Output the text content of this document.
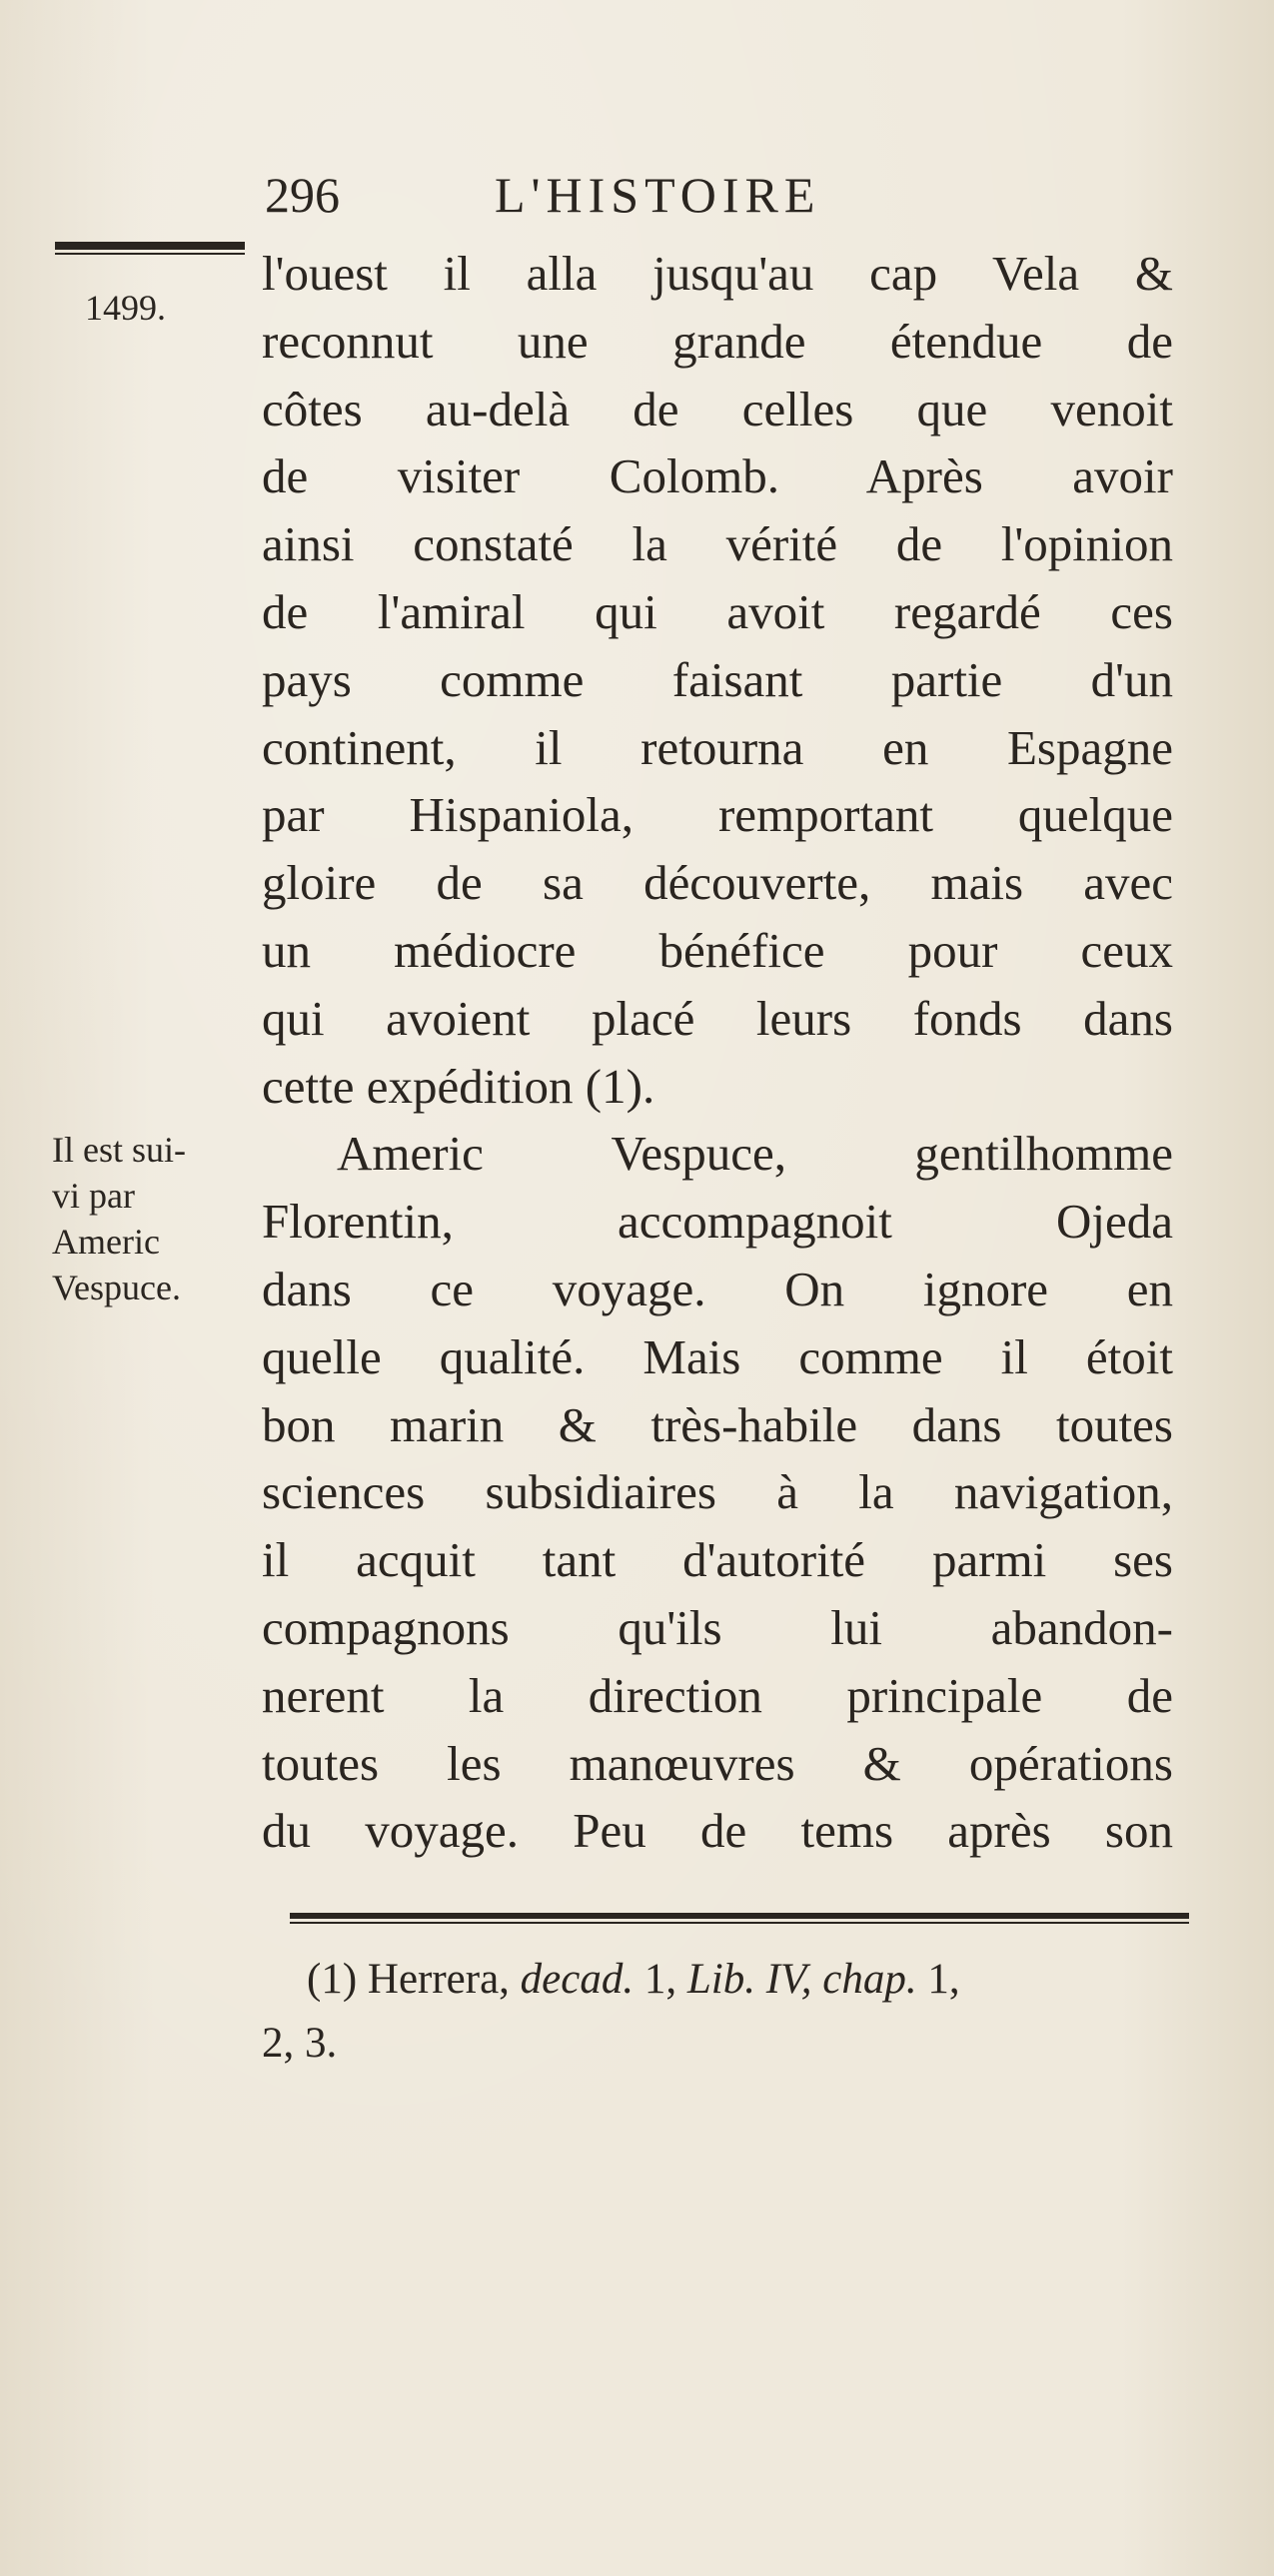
296	L'HISTOIRE
1499.
Il est sui-
vi par
Americ
Vespuce.
l'ouest il alla jusqu'au cap Vela &
reconnut une grande étendue de
côtes au-delà de celles que venoit
de visiter Colomb. Après avoir
ainsi constaté la vérité de l'opinion
de l'amiral qui avoit regardé ces
pays comme faisant partie d'un
continent, il retourna en Espagne
par Hispaniola, remportant quelque
gloire de sa découverte, mais avec
un médiocre bénéfice pour ceux
qui avoient placé leurs fonds dans
cette expédition (1).
Americ Vespuce, gentilhomme
Florentin, accompagnoit Ojeda
dans ce voyage. On ignore en
quelle qualité. Mais comme il étoit
bon marin & très-habile dans toutes
sciences subsidiaires à la navigation,
il acquit tant d'autorité parmi ses
compagnons qu'ils lui abandon-
nerent la direction principale de
toutes les manœuvres & opérations
du voyage. Peu de tems après son
(1) Herrera, decad. 1, Lib. IV, chap. 1,
2, 3.
